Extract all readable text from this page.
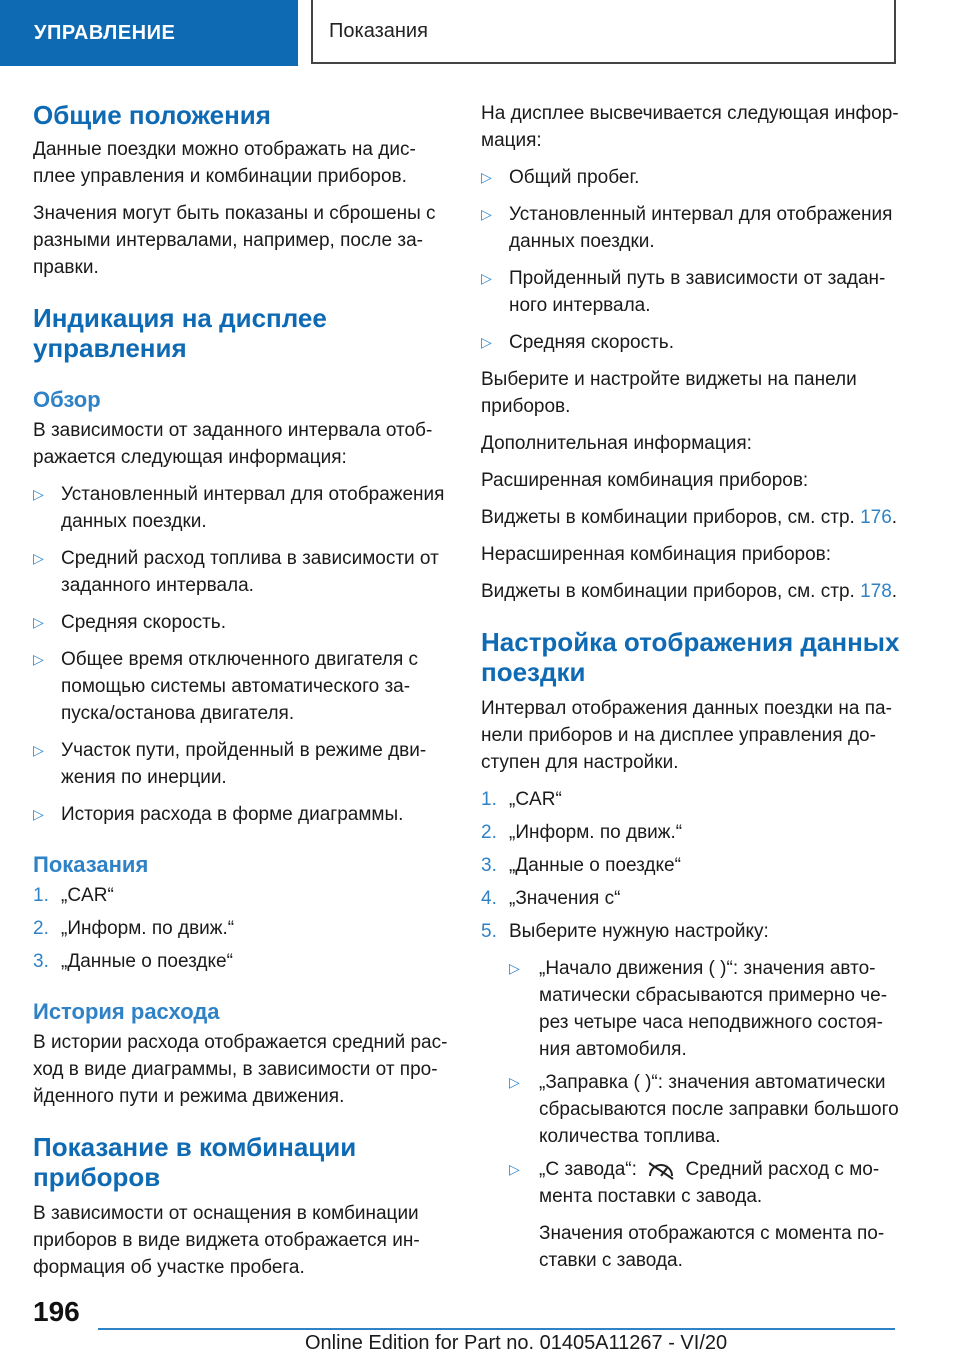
УПРАВЛЕНИЕ	Показания
Общие положения

Данные поездки можно отображать на дисплее управления и комбинации приборов.

Значения могут быть показаны и сброшены с разными интервалами, например, после заправки.

Индикация на дисплее управления
Обзор

В зависимости от заданного интервала отображается следующая информация:

▷ Установленный интервал для отображения данных поездки.
▷ Средний расход топлива в зависимости от заданного интервала.
▷ Средняя скорость.
▷ Общее время отключенного двигателя с помощью системы автоматического запуска/останова двигателя.
▷ Участок пути, пройденный в режиме движения по инерции.
▷ История расхода в форме диаграммы.
Показания
1. „CAR“
2. „Информ. по движ.“
3. „Данные о поездке“
История расхода

В истории расхода отображается средний расход в виде диаграммы, в зависимости от пройденного пути и режима движения.

Показание в комбинации приборов

В зависимости от оснащения в комбинации приборов в виде виджета отображается информация об участке пробега.

На дисплее высвечивается следующая информация:

▷ Общий пробег.
▷ Установленный интервал для отображения данных поездки.
▷ Пройденный путь в зависимости от заданного интервала.
▷ Средняя скорость.

Выберите и настройте виджеты на панели приборов.

Дополнительная информация:

Расширенная комбинация приборов:

Виджеты в комбинации приборов, см. стр. 176.

Нерасширенная комбинация приборов:

Виджеты в комбинации приборов, см. стр. 178.

Настройка отображения данных поездки

Интервал отображения данных поездки на панели приборов и на дисплее управления доступен для настройки.

1. „CAR“
2. „Информ. по движ.“
3. „Данные о поездке“
4. „Значения с“
5. Выберите нужную настройку:
▷ „Начало движения ( )“: значения автоматически сбрасываются примерно через четыре часа неподвижного состояния автомобиля.
▷ „Заправка ( )“: значения автоматически сбрасываются после заправки большого количества топлива.
▷ „С завода“:	Средний расход с момента поставки с завода.
Значения отображаются с момента поставки с завода.
196
Online Edition for Part no. 01405A11267 - VI/20
